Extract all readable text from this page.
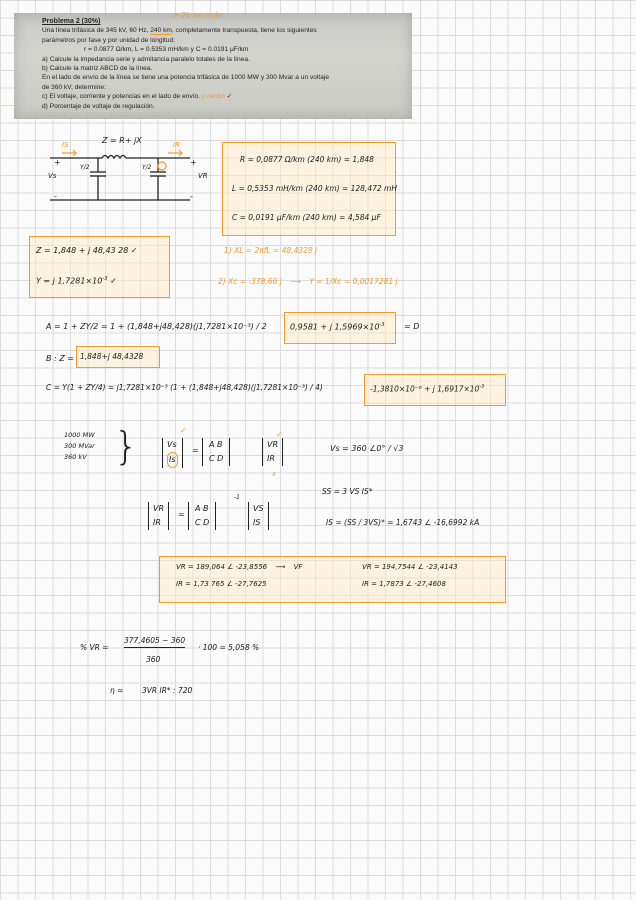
Problema 2 (30%)
Una línea trifásica de 345 kV, 60 Hz, 240 km, completamente transpuesta, tiene los siguientes
parámetros por fase y por unidad de longitud:
r = 0.0877 Ω/km, L = 0.5353 mH/km y C = 0.0191 μF/km
a) Calcule la impedancia serie y admitancia paralelo totales de la línea.
b) Calcule la matriz ABCD de la línea.
En el lado de envío de la línea se tiene una potencia trifásica de 1000 MW y 300 Mvar a un voltaje
de 360 kV, determine:
c) El voltaje, corriente y potencias en el lado de envío. y recibo ✓
d) Porcentaje de voltaje de regulación.
↗ 2L no más
Z = R+ jX
IS	IR
+	+
Vs	VR
Y/2	Y/2
-	-
R = 0,0877 Ω/km (240 km) = 1,848
L = 0,5353 mH/km (240 km) = 128,472 mH
C = 0,0191 μF/km (240 km) = 4,584 μF
Z = 1,848 + j 48,43 28 ✓
Y = j $1,7281\times 10^{-3}$ ✓
1) XL = 2πfL = 48,4328 j
2) Xc = -378,66 j ⟶ Y = 1/Xc = 0,0017281 j
A = 1 + ZY/2 = 1 + (1,848+j48,428)(j1,7281×10⁻³) / 2	0,9581 + j $1,5969\times 10^{-3} = D$
B : Z = 1,848+j 48,4328
C = Y(1 + ZY/4) = j1,7281×10⁻³ (1 + (1,848+j48,428)(j1,7281×10⁻³) / 4)	-1,3810×10⁻⁶ + j $1,6917\times 10^{-3}$
1000 MW
300 MVar
360 kV }	Vs
Is
=
A B
C D
VR
IR
✓	✓
x
Vs = 360 ∠0° / √3
SS = 3 VS IS*
VR
IR
=
A B
C D
-1
VS
IS	IS = (SS / 3VS)* = 1,6743 ∠ -16,6992 kA
VR = 189,064 ∠ -23,8556 ⟶ VF
IR = 1,73 765 ∠ -27,7625
VR = 194,7544 ∠ -23,4143
IR = 1,7873 ∠ -27,4608
% VR =
377,4605 − 360
360
· 100 = 5,058 %
η = 3VR IR* : 720
